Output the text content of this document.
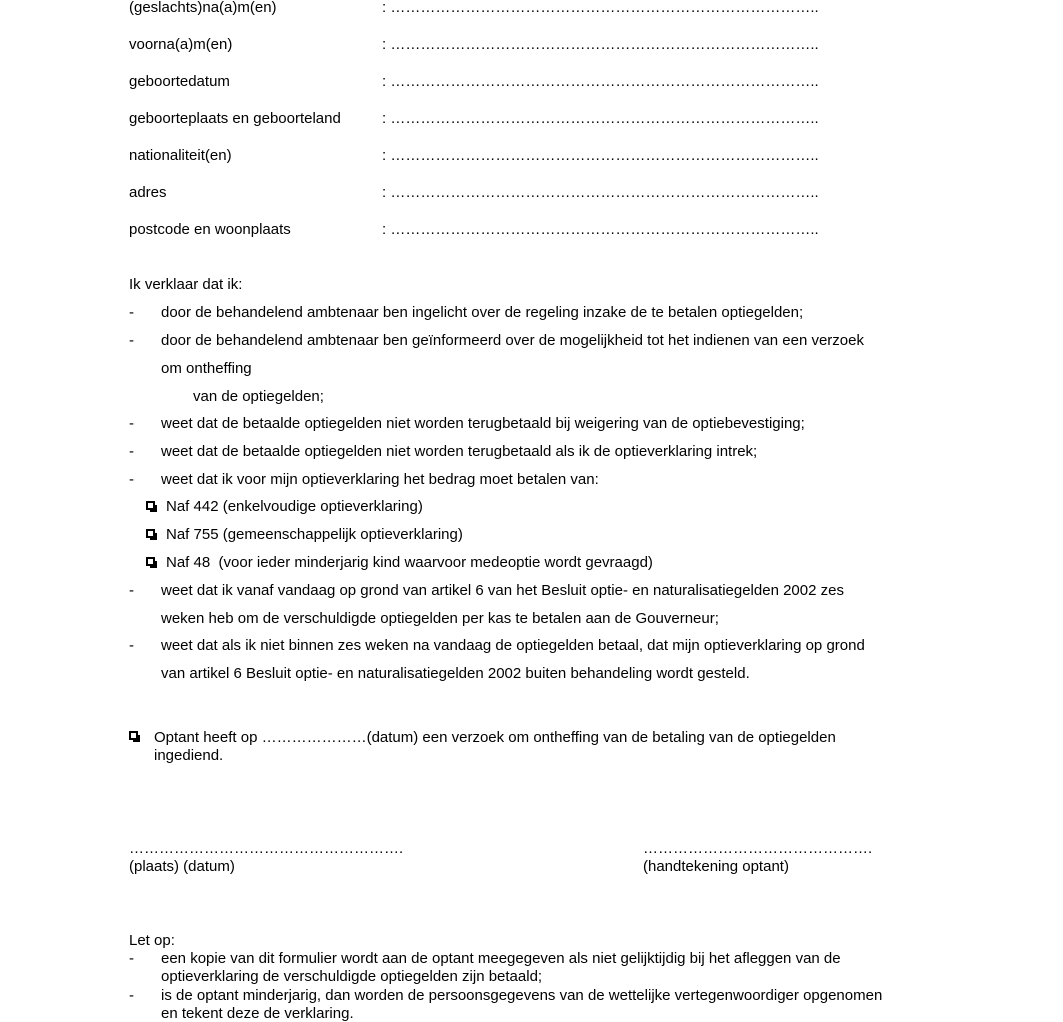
(geslachts)na(a)m(en)	: …………………………………………………………………………..
voorna(a)m(en)	: …………………………………………………………………………..
geboortedatum	: …………………………………………………………………………..
geboorteplaats en geboorteland	: …………………………………………………………………………..
nationaliteit(en)	: …………………………………………………………………………..
adres	: …………………………………………………………………………..
postcode en woonplaats	: …………………………………………………………………………..
Ik verklaar dat ik:
- door de behandelend ambtenaar ben ingelicht over de regeling inzake de te betalen optiegelden;
- door de behandelend ambtenaar ben geïnformeerd over de mogelijkheid tot het indienen van een verzoek
om ontheffing
van de optiegelden;
- weet dat de betaalde optiegelden niet worden terugbetaald bij weigering van de optiebevestiging;
- weet dat de betaalde optiegelden niet worden terugbetaald als ik de optieverklaring intrek;
- weet dat ik voor mijn optieverklaring het bedrag moet betalen van:
Naf 442 (enkelvoudige optieverklaring)
Naf 755 (gemeenschappelijk optieverklaring)
Naf 48  (voor ieder minderjarig kind waarvoor medeoptie wordt gevraagd)
- weet dat ik vanaf vandaag op grond van artikel 6 van het Besluit optie- en naturalisatiegelden 2002 zes
weken heb om de verschuldigde optiegelden per kas te betalen aan de Gouverneur;
- weet dat als ik niet binnen zes weken na vandaag de optiegelden betaal, dat mijn optieverklaring op grond
van artikel 6 Besluit optie- en naturalisatiegelden 2002 buiten behandeling wordt gesteld.
Optant heeft op …………………(datum) een verzoek om ontheffing van de betaling van de optiegelden
ingediend.
……………………………………………….
(plaats) (datum)
……………………………………….
(handtekening optant)
Let op:
- een kopie van dit formulier wordt aan de optant meegegeven als niet gelijktijdig bij het afleggen van de
optieverklaring de verschuldigde optiegelden zijn betaald;
- is de optant minderjarig, dan worden de persoonsgegevens van de wettelijke vertegenwoordiger opgenomen
en tekent deze de verklaring.
